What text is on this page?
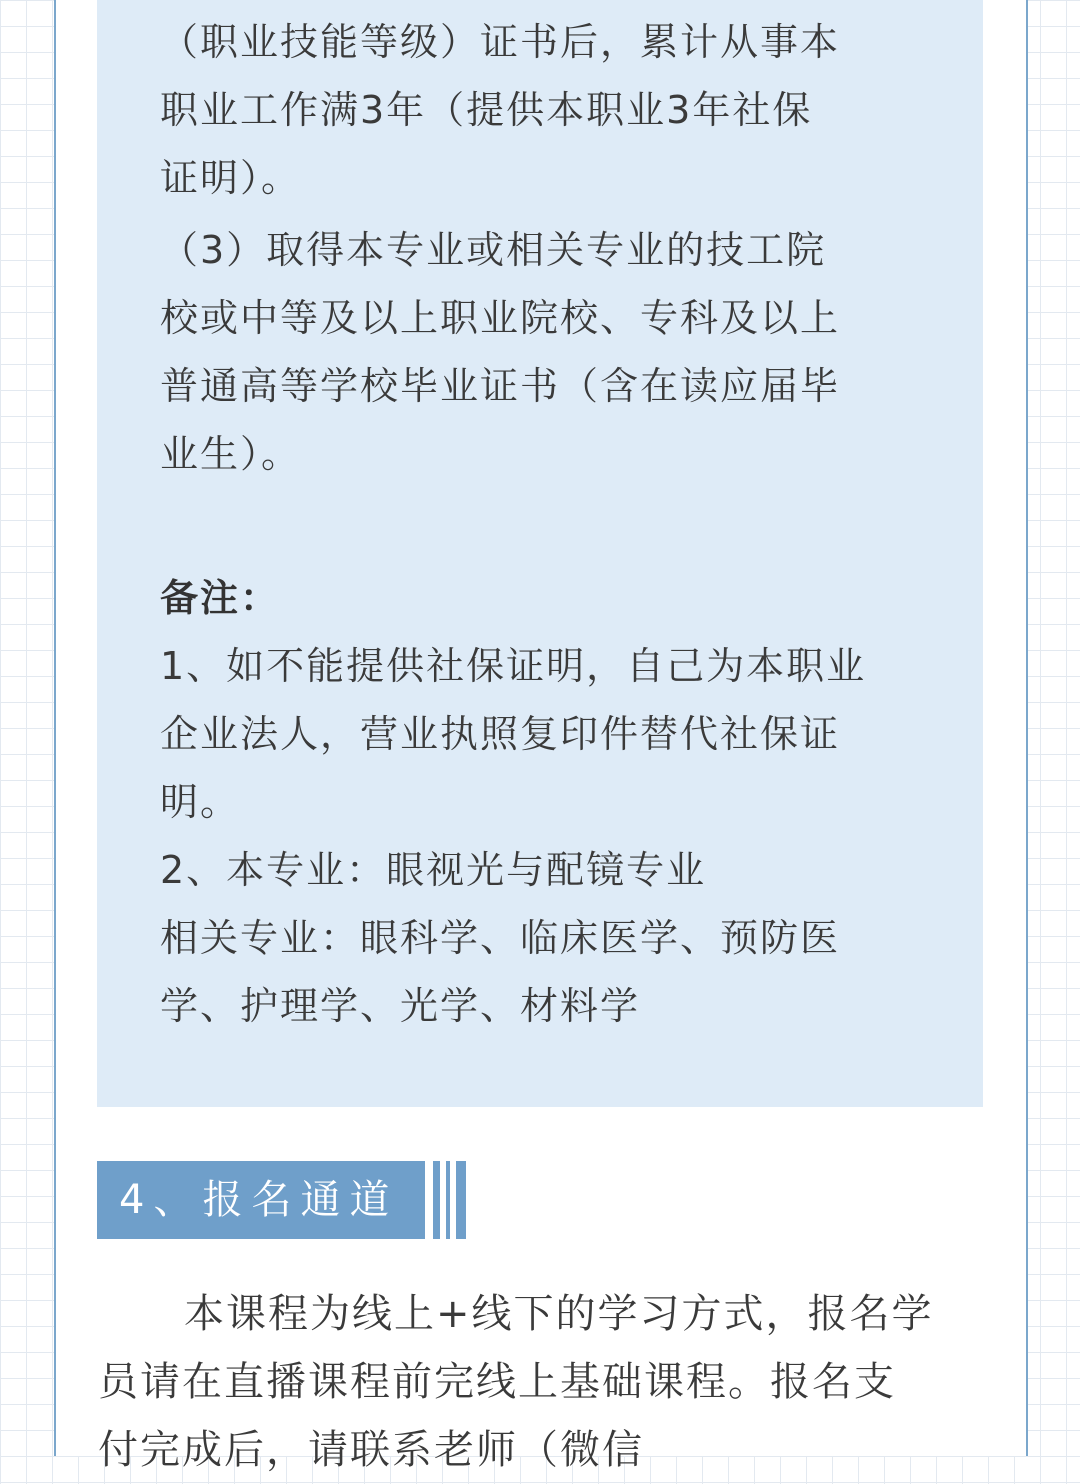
（职业技能等级）证书后，累计从事本

职业工作满3年（提供本职业3年社保

证明）。

（3）取得本专业或相关专业的技工院

校或中等及以上职业院校、专科及以上

普通高等学校毕业证书（含在读应届毕

业生）。

备注：

1、如不能提供社保证明，自己为本职业

企业法人，营业执照复印件替代社保证

明。

2、本专业：眼视光与配镜专业

相关专业：眼科学、临床医学、预防医

学、护理学、光学、材料学

4、报名通道
本课程为线上+线下的学习方式，报名学
员请在直播课程前完线上基础课程。报名支
付完成后，请联系老师（微信
